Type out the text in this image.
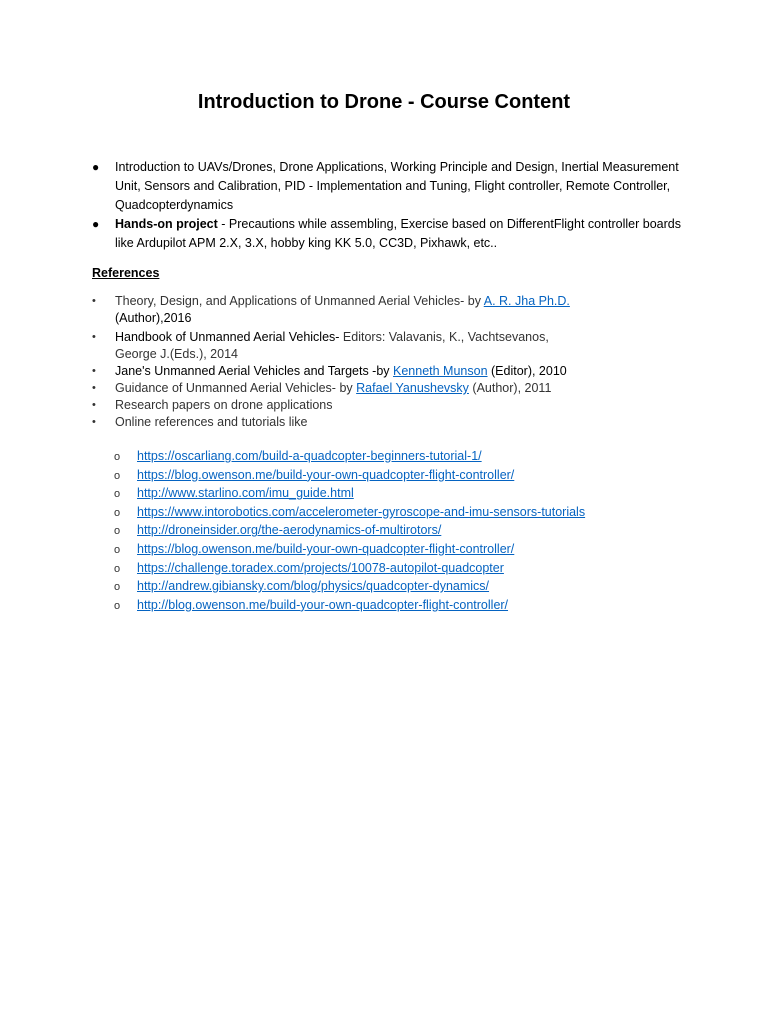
Introduction to Drone - Course Content
● Introduction to UAVs/Drones, Drone Applications, Working Principle and Design, Inertial Measurement Unit, Sensors and Calibration, PID - Implementation and Tuning, Flight controller, Remote Controller, Quadcopterdynamics
● Hands-on project - Precautions while assembling, Exercise based on DifferentFlight controller boards like Ardupilot APM 2.X, 3.X, hobby king KK 5.0, CC3D, Pixhawk, etc..
References
• Theory, Design, and Applications of Unmanned Aerial Vehicles- by A. R. Jha Ph.D.
(Author),2016
• Handbook of Unmanned Aerial Vehicles- Editors: Valavanis, K., Vachtsevanos,
George J.(Eds.), 2014
• Jane's Unmanned Aerial Vehicles and Targets -by Kenneth Munson (Editor), 2010
• Guidance of Unmanned Aerial Vehicles- by Rafael Yanushevsky (Author), 2011
• Research papers on drone applications
• Online references and tutorials like
o https://oscarliang.com/build-a-quadcopter-beginners-tutorial-1/
o https://blog.owenson.me/build-your-own-quadcopter-flight-controller/
o http://www.starlino.com/imu_guide.html
o https://www.intorobotics.com/accelerometer-gyroscope-and-imu-sensors-tutorials
o http://droneinsider.org/the-aerodynamics-of-multirotors/
o https://blog.owenson.me/build-your-own-quadcopter-flight-controller/
o https://challenge.toradex.com/projects/10078-autopilot-quadcopter
o http://andrew.gibiansky.com/blog/physics/quadcopter-dynamics/
o http://blog.owenson.me/build-your-own-quadcopter-flight-controller/
